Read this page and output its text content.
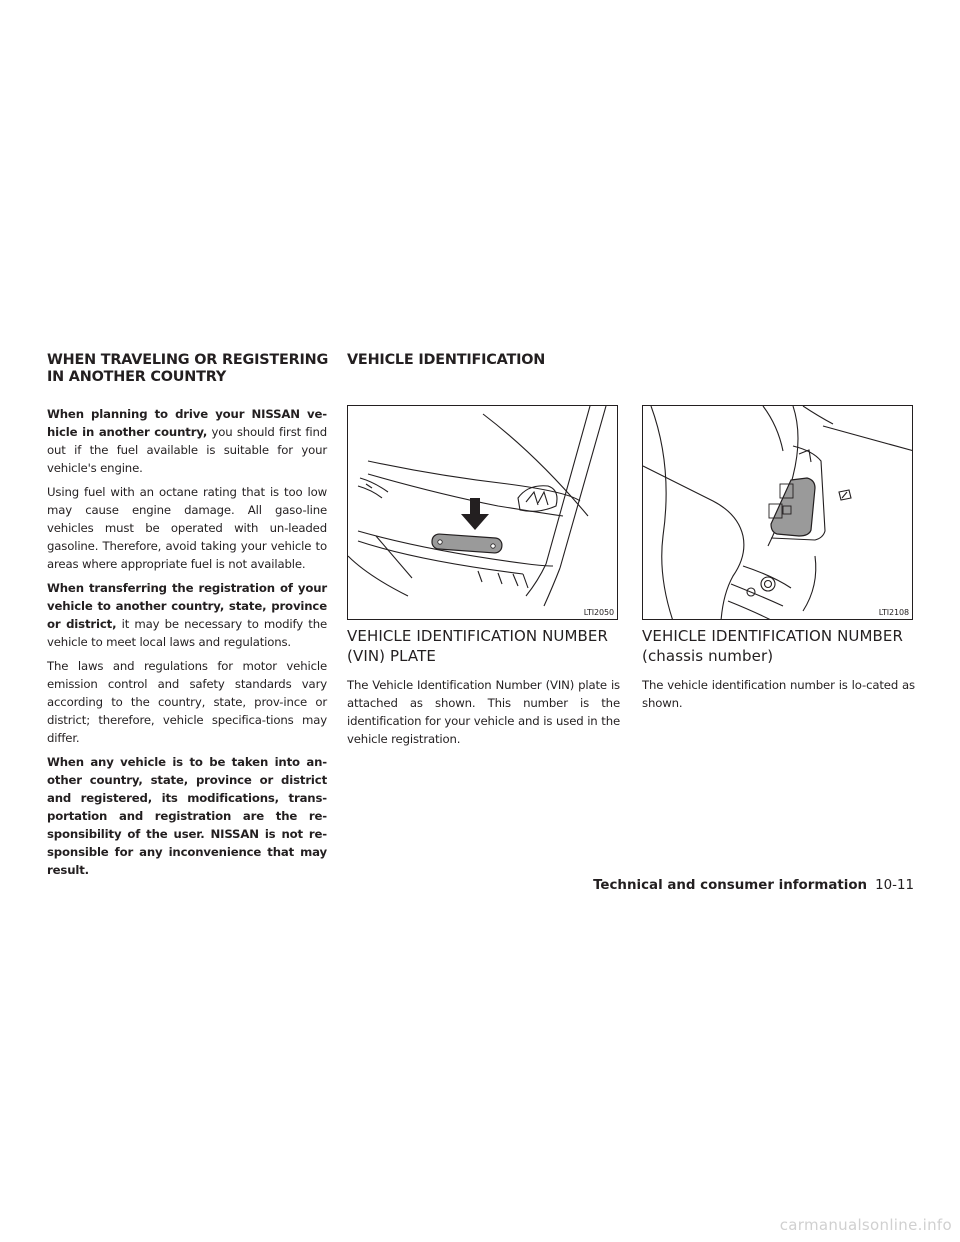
WHEN TRAVELING OR REGISTERING IN ANOTHER COUNTRY
VEHICLE IDENTIFICATION

When planning to drive your NISSAN ve-hicle in another country, you should first find out if the fuel available is suitable for your vehicle's engine.

Using fuel with an octane rating that is too low may cause engine damage. All gaso-line vehicles must be operated with un-leaded gasoline. Therefore, avoid taking your vehicle to areas where appropriate fuel is not available.

When transferring the registration of your vehicle to another country, state, province or district, it may be necessary to modify the vehicle to meet local laws and regulations.

The laws and regulations for motor vehicle emission control and safety standards vary according to the country, state, prov-ince or district; therefore, vehicle specifica-tions may differ.

When any vehicle is to be taken into an-other country, state, province or district and registered, its modifications, trans-portation and registration are the re-sponsibility of the user. NISSAN is not re-sponsible for any inconvenience that may result.

LTI2050
VEHICLE IDENTIFICATION NUMBER (VIN) PLATE

The Vehicle Identification Number (VIN) plate is attached as shown. This number is the identification for your vehicle and is used in the vehicle registration.

LTI2108
VEHICLE IDENTIFICATION NUMBER (chassis number)

The vehicle identification number is lo-cated as shown.

Technical and consumer information 10-11
carmanualsonline.info
